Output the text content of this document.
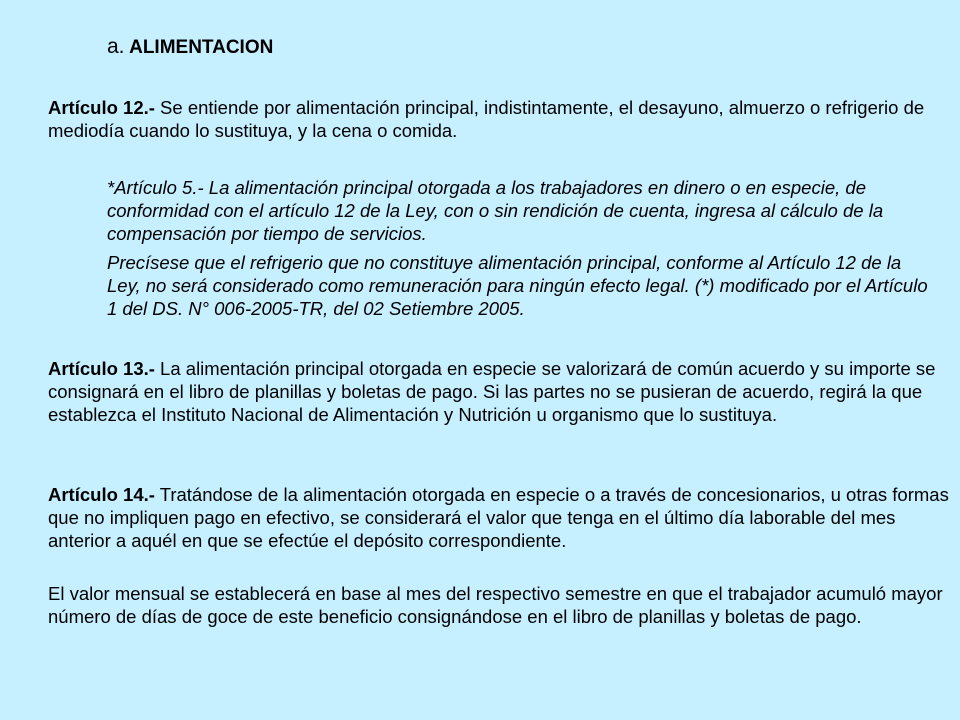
a. ALIMENTACION

Artículo 12.- Se entiende por alimentación principal, indistintamente, el desayuno, almuerzo o refrigerio de mediodía cuando lo sustituya, y la cena o comida.

*Artículo 5.- La alimentación principal otorgada a los trabajadores en dinero o en especie, de conformidad con el artículo 12 de la Ley, con o sin rendición de cuenta, ingresa al cálculo de la compensación por tiempo de servicios.

Precísese que el refrigerio que no constituye alimentación principal, conforme al Artículo 12 de la Ley, no será considerado como remuneración para ningún efecto legal. (*) modificado por el Artículo 1 del DS. N° 006-2005-TR, del 02 Setiembre 2005.

Artículo 13.- La alimentación principal otorgada en especie se valorizará de común acuerdo y su importe se consignará en el libro de planillas y boletas de pago. Si las partes no se pusieran de acuerdo, regirá la que establezca el Instituto Nacional de Alimentación y Nutrición u organismo que lo sustituya.

Artículo 14.- Tratándose de la alimentación otorgada en especie o a través de concesionarios, u otras formas que no impliquen pago en efectivo, se considerará el valor que tenga en el último día laborable del mes anterior a aquél en que se efectúe el depósito correspondiente.

El valor mensual se establecerá en base al mes del respectivo semestre en que el trabajador acumuló mayor número de días de goce de este beneficio consignándose en el libro de planillas y boletas de pago.
